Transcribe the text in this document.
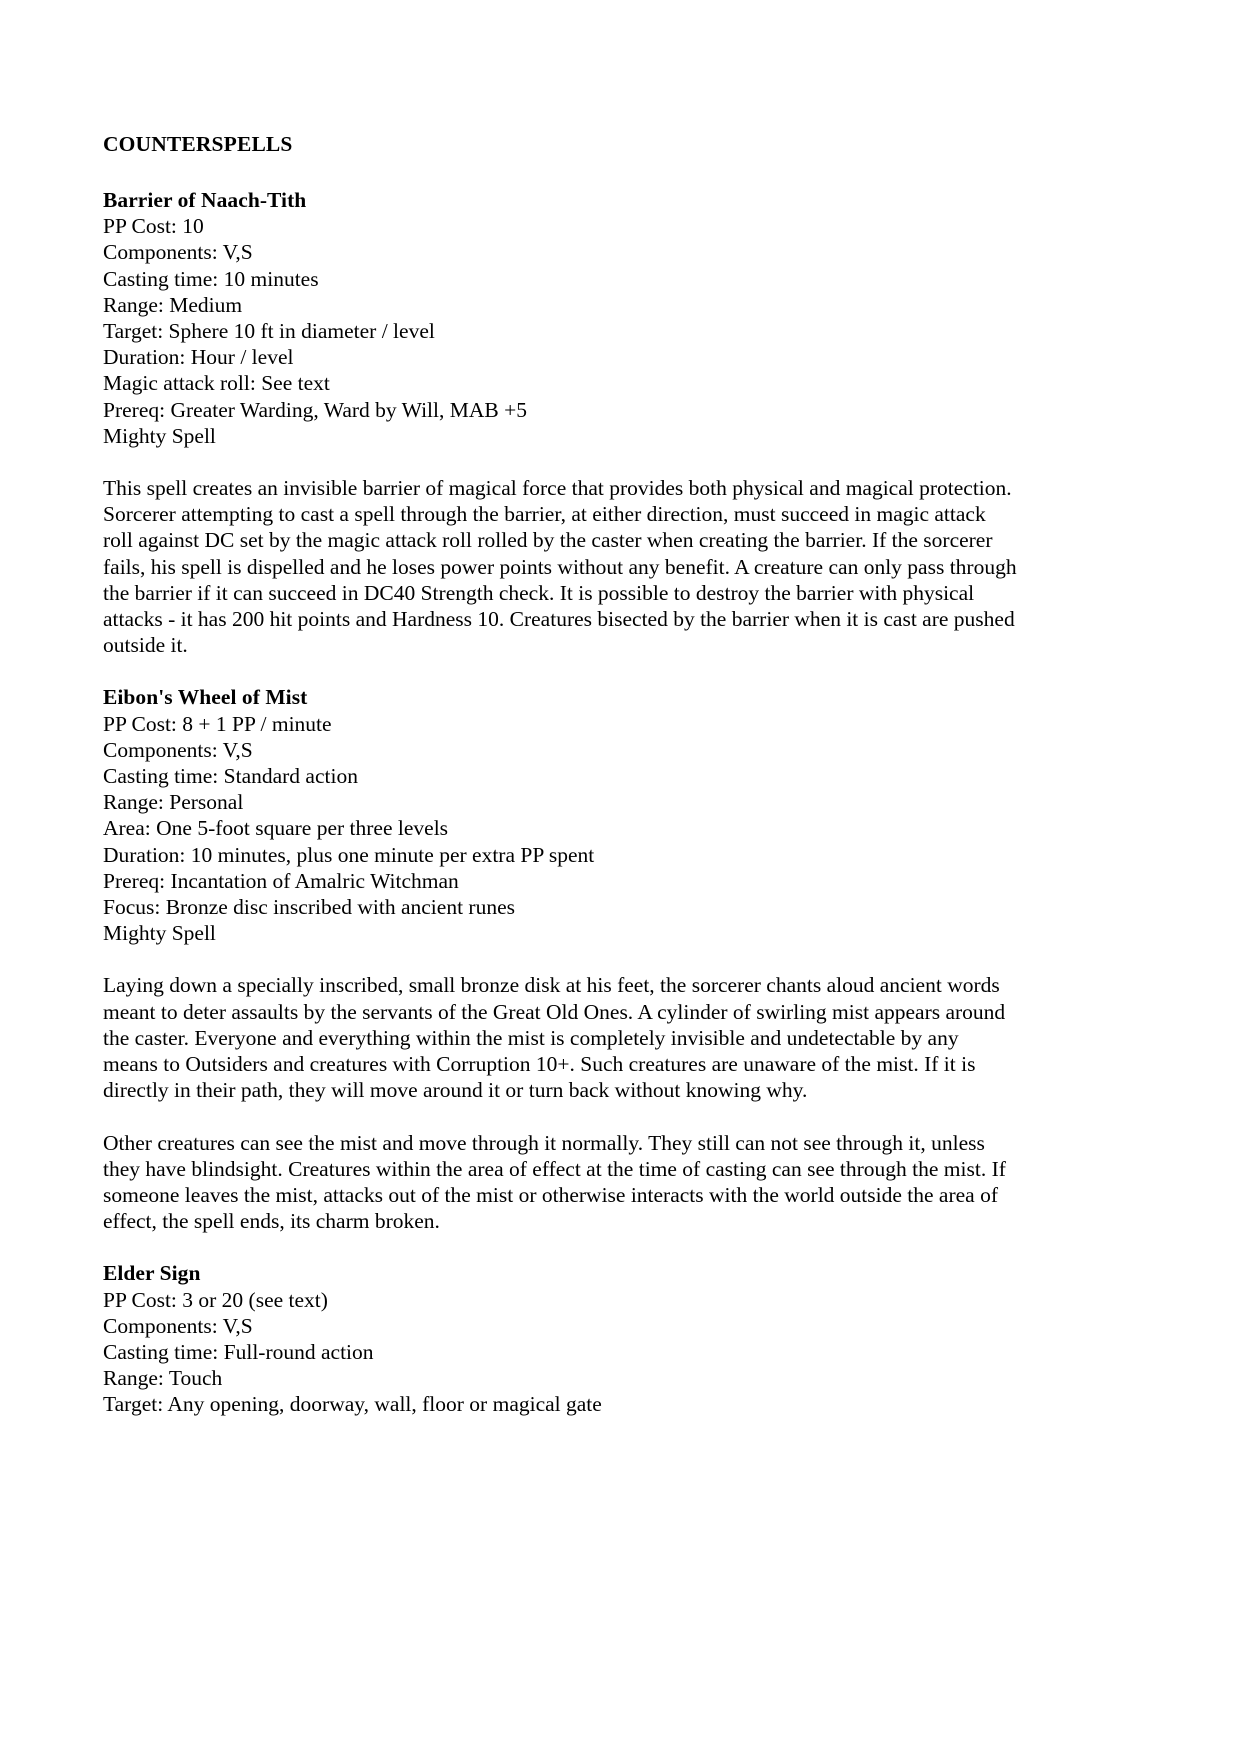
COUNTERSPELLS
Barrier of Naach-Tith
PP Cost: 10
Components: V,S
Casting time: 10 minutes
Range: Medium
Target: Sphere 10 ft in diameter / level
Duration: Hour / level
Magic attack roll: See text
Prereq: Greater Warding, Ward by Will, MAB +5
Mighty Spell

This spell creates an invisible barrier of magical force that provides both physical and magical protection. Sorcerer attempting to cast a spell through the barrier, at either direction, must succeed in magic attack roll against DC set by the magic attack roll rolled by the caster when creating the barrier. If the sorcerer fails, his spell is dispelled and he loses power points without any benefit. A creature can only pass through the barrier if it can succeed in DC40 Strength check. It is possible to destroy the barrier with physical attacks - it has 200 hit points and Hardness 10. Creatures bisected by the barrier when it is cast are pushed outside it.

Eibon's Wheel of Mist
PP Cost: 8 + 1 PP / minute
Components: V,S
Casting time: Standard action
Range: Personal
Area: One 5-foot square per three levels
Duration: 10 minutes, plus one minute per extra PP spent
Prereq: Incantation of Amalric Witchman
Focus: Bronze disc inscribed with ancient runes
Mighty Spell

Laying down a specially inscribed, small bronze disk at his feet, the sorcerer chants aloud ancient words meant to deter assaults by the servants of the Great Old Ones. A cylinder of swirling mist appears around the caster. Everyone and everything within the mist is completely invisible and undetectable by any means to Outsiders and creatures with Corruption 10+. Such creatures are unaware of the mist. If it is directly in their path, they will move around it or turn back without knowing why.

Other creatures can see the mist and move through it normally. They still can not see through it, unless they have blindsight. Creatures within the area of effect at the time of casting can see through the mist. If someone leaves the mist, attacks out of the mist or otherwise interacts with the world outside the area of effect, the spell ends, its charm broken.

Elder Sign
PP Cost: 3 or 20 (see text)
Components: V,S
Casting time: Full-round action
Range: Touch
Target: Any opening, doorway, wall, floor or magical gate
